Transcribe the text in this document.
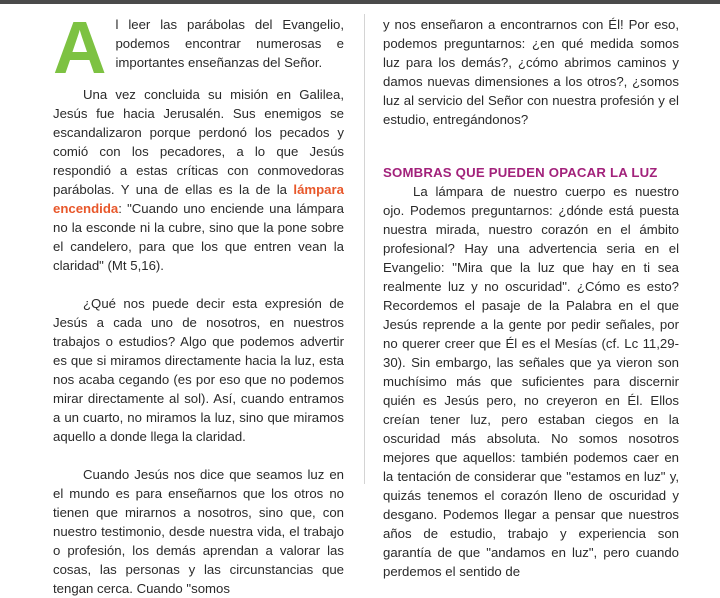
Al leer las parábolas del Evangelio, podemos encontrar numerosas e importantes enseñanzas del Señor.

Una vez concluida su misión en Galilea, Jesús fue hacia Jerusalén. Sus enemigos se escandalizaron porque perdonó los pecados y comió con los pecadores, a lo que Jesús respondió a estas críticas con conmovedoras parábolas. Y una de ellas es la de la lámpara encendida: "Cuando uno enciende una lámpara no la esconde ni la cubre, sino que la pone sobre el candelero, para que los que entren vean la claridad" (Mt 5,16).

¿Qué nos puede decir esta expresión de Jesús a cada uno de nosotros, en nuestros trabajos o estudios? Algo que podemos advertir es que si miramos directamente hacia la luz, esta nos acaba cegando (es por eso que no podemos mirar directamente al sol). Así, cuando entramos a un cuarto, no miramos la luz, sino que miramos aquello a donde llega la claridad.

Cuando Jesús nos dice que seamos luz en el mundo es para enseñarnos que los otros no tienen que mirarnos a nosotros, sino que, con nuestro testimonio, desde nuestra vida, el trabajo o profesión, los demás aprendan a valorar las cosas, las personas y las circunstancias que tengan cerca. Cuando "somos

y nos enseñaron a encontrarnos con Él! Por eso, podemos preguntarnos: ¿en qué medida somos luz para los demás?, ¿cómo abrimos caminos y damos nuevas dimensiones a los otros?, ¿somos luz al servicio del Señor con nuestra profesión y el estudio, entregándonos?

SOMBRAS QUE PUEDEN OPACAR LA LUZ

La lámpara de nuestro cuerpo es nuestro ojo. Podemos preguntarnos: ¿dónde está puesta nuestra mirada, nuestro corazón en el ámbito profesional? Hay una advertencia seria en el Evangelio: "Mira que la luz que hay en ti sea realmente luz y no oscuridad". ¿Cómo es esto? Recordemos el pasaje de la Palabra en el que Jesús reprende a la gente por pedir señales, por no querer creer que Él es el Mesías (cf. Lc 11,29-30). Sin embargo, las señales que ya vieron son muchísimo más que suficientes para discernir quién es Jesús pero, no creyeron en Él. Ellos creían tener luz, pero estaban ciegos en la oscuridad más absoluta. No somos nosotros mejores que aquellos: también podemos caer en la tentación de considerar que "estamos en luz" y, quizás tenemos el corazón lleno de oscuridad y desgano. Podemos llegar a pensar que nuestros años de estudio, trabajo y experiencia son garantía de que "andamos en luz", pero cuando perdemos el sentido de
